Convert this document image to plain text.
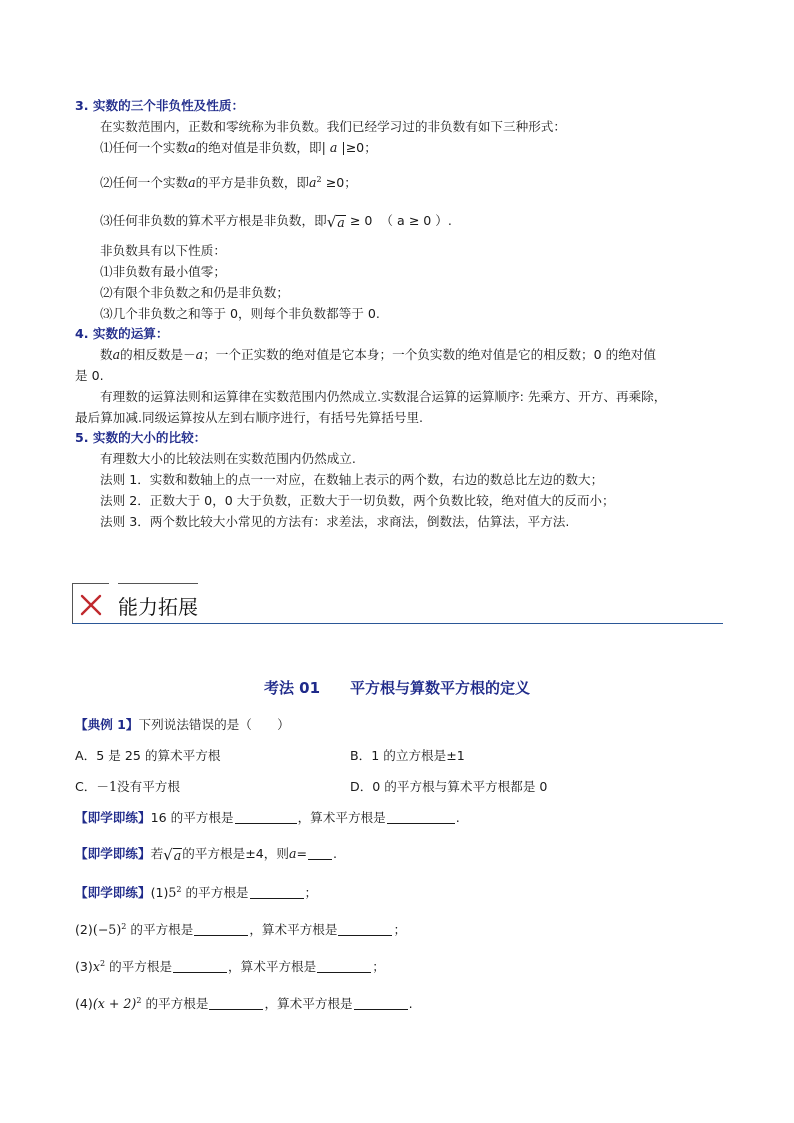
3. 实数的三个非负性及性质：
在实数范围内，正数和零统称为非负数。我们已经学习过的非负数有如下三种形式：
⑴任何一个实数a的绝对值是非负数，即| a |≥0；
⑵任何一个实数a的平方是非负数，即$a^2 \ge 0$；
⑶任何非负数的算术平方根是非负数，即√a ≥ 0 （ a ≥ 0 ）.
非负数具有以下性质：
⑴非负数有最小值零；
⑵有限个非负数之和仍是非负数；
⑶几个非负数之和等于 0，则每个非负数都等于 0.
4. 实数的运算：
数a的相反数是－a；一个正实数的绝对值是它本身；一个负实数的绝对值是它的相反数；0 的绝对值
是 0.
有理数的运算法则和运算律在实数范围内仍然成立.实数混合运算的运算顺序: 先乘方、开方、再乘除，
最后算加减.同级运算按从左到右顺序进行，有括号先算括号里.
5. 实数的大小的比较：
有理数大小的比较法则在实数范围内仍然成立.
法则 1．实数和数轴上的点一一对应，在数轴上表示的两个数，右边的数总比左边的数大；
法则 2．正数大于 0，0 大于负数，正数大于一切负数，两个负数比较，绝对值大的反而小；
法则 3．两个数比较大小常见的方法有：求差法，求商法，倒数法，估算法，平方法.
能力拓展
考法 01　　平方根与算数平方根的定义
【典例 1】下列说法错误的是（　　）
A．5 是 25 的算术平方根	B．1 的立方根是±1
C．－1没有平方根	D．0 的平方根与算术平方根都是 0
【即学即练】16 的平方根是	，算术平方根是	.
【即学即练】若√a的平方根是±4，则a= .
【即学即练】$(1)5^2$ 的平方根是	；
$(2)(-5)^2$ 的平方根是	，算术平方根是	；
$(3)x^2$ 的平方根是	，算术平方根是	；
$(4)(x + 2)^2$ 的平方根是	，算术平方根是	.
